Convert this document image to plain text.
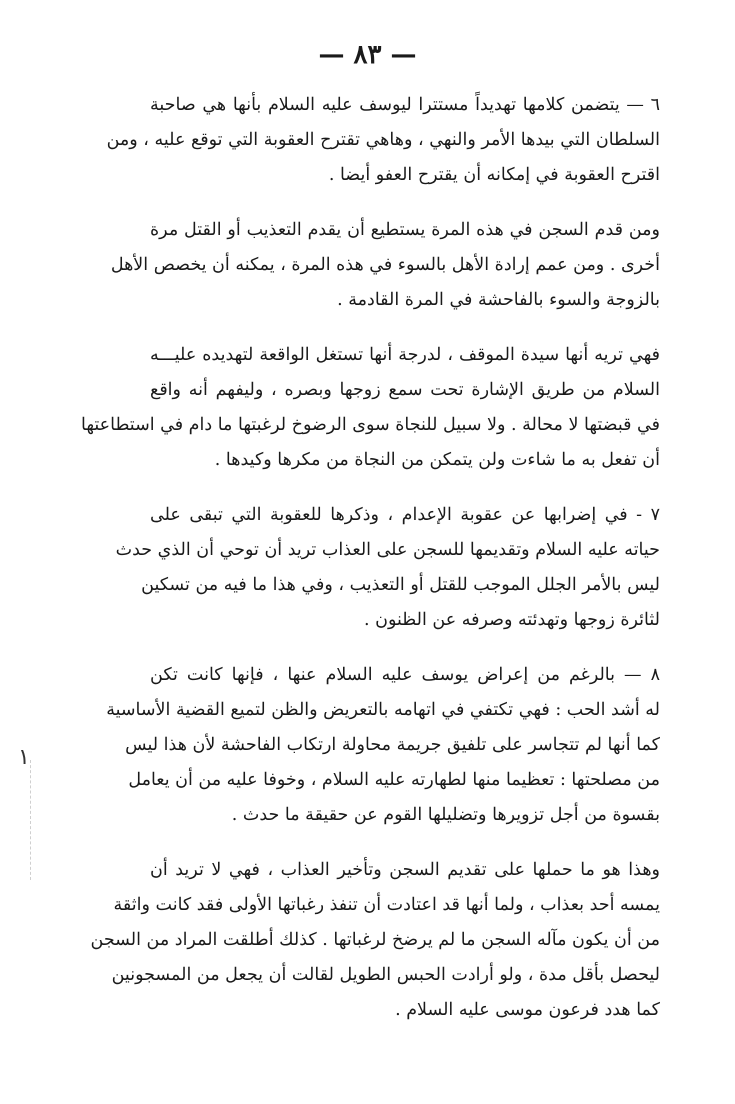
— ٨٣ —
١

٦ — يتضمن كلامها تهديداً مستترا ليوسف عليه السلام بأنها هي صاحبة
السلطان التي بيدها الأمر والنهي ، وهاهي تقترح العقوبة التي توقع عليه ، ومن
اقترح العقوبة في إمكانه أن يقترح العفو أيضا .

ومن قدم السجن في هذه المرة يستطيع أن يقدم التعذيب أو القتل مرة
أخرى . ومن عمم إرادة الأهل بالسوء في هذه المرة ، يمكنه أن يخصص الأهل
بالزوجة والسوء بالفاحشة في المرة القادمة .

فهي تريه أنها سيدة الموقف ، لدرجة أنها تستغل الواقعة لتهديده عليـــه
السلام من طريق الإشارة تحت سمع زوجها وبصره ، وليفهم أنه واقع
في قبضتها لا محالة . ولا سبيل للنجاة سوى الرضوخ لرغبتها ما دام في استطاعتها
أن تفعل به ما شاءت ولن يتمكن من النجاة من مكرها وكيدها .

٧ - في إضرابها عن عقوبة الإعدام ، وذكرها للعقوبة التي تبقى على
حياته عليه السلام وتقديمها للسجن على العذاب تريد أن توحي أن الذي حدث
ليس بالأمر الجلل الموجب للقتل أو التعذيب ، وفي هذا ما فيه من تسكين
لثائرة زوجها وتهدئته وصرفه عن الظنون .

٨ — بالرغم من إعراض يوسف عليه السلام عنها ، فإنها كانت تكن
له أشد الحب : فهي تكتفي في اتهامه بالتعريض والظن لتميع القضية الأساسية
كما أنها لم تتجاسر على تلفيق جريمة محاولة ارتكاب الفاحشة لأن هذا ليس
من مصلحتها : تعظيما منها لطهارته عليه السلام ، وخوفا عليه من أن يعامل
بقسوة من أجل تزويرها وتضليلها القوم عن حقيقة ما حدث .

وهذا هو ما حملها على تقديم السجن وتأخير العذاب ، فهي لا تريد أن
يمسه أحد بعذاب ، ولما أنها قد اعتادت أن تنفذ رغباتها الأولى فقد كانت واثقة
من أن يكون مآله السجن ما لم يرضخ لرغباتها . كذلك أطلقت المراد من السجن
ليحصل بأقل مدة ، ولو أرادت الحبس الطويل لقالت أن يجعل من المسجونين
كما هدد فرعون موسى عليه السلام .
